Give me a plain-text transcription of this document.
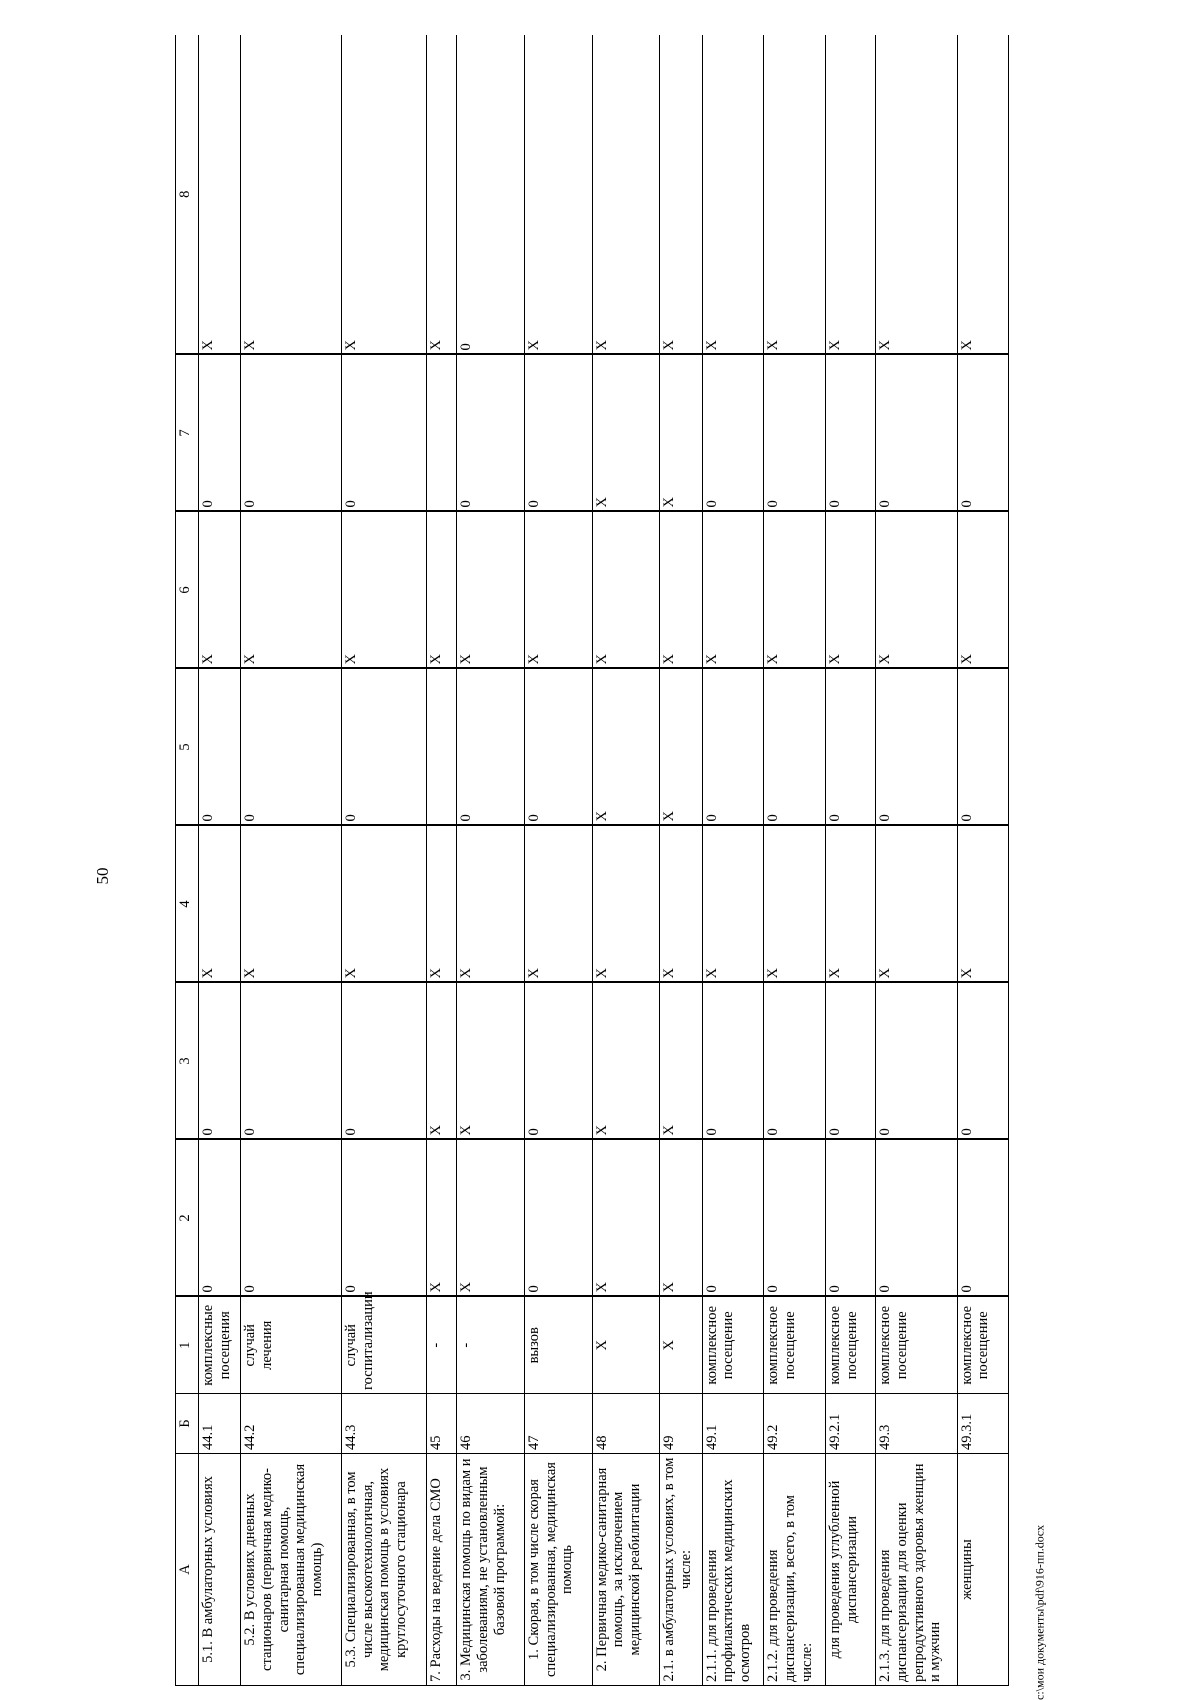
50
А	Б	1	2	3	4	5	6	7	8
5.1. В амбулаторных условиях	44.1	комплексные посещения	0	0	X	0	X	0	X
5.2. В условиях дневных стационаров (первичная медико-санитарная помощь, специализированная медицинская помощь)	44.2	случай лечения	0	0	X	0	X	0	X
5.3. Специализированная, в том числе высокотехнологичная, медицинская помощь в условиях круглосуточного стационара	44.3	случай госпитализации	0	0	X	0	X	0	X
7. Расходы на ведение дела СМО	45	-	X	X	X		X		X
3. Медицинская помощь по видам и заболеваниям, не установленным базовой программой:	46	-	X	X	X	0	X	0	0
1. Скорая, в том числе скорая специализированная, медицинская помощь	47	вызов	0	0	X	0	X	0	X
2. Первичная медико-санитарная помощь, за исключением медицинской реабилитации	48	X	X	X	X	X	X	X	X
2.1. в амбулаторных условиях, в том числе:	49	X	X	X	X	X	X	X	X
2.1.1. для проведения профилактических медицинских осмотров	49.1	комплексное посещение	0	0	X	0	X	0	X
2.1.2. для проведения диспансеризации, всего, в том числе:	49.2	комплексное посещение	0	0	X	0	X	0	X
для проведения углубленной диспансеризации	49.2.1	комплексное посещение	0	0	X	0	X	0	X
2.1.3. для проведения диспансеризации для оценки репродуктивного здоровья женщин и мужчин	49.3	комплексное посещение	0	0	X	0	X	0	X
женщины	49.3.1	комплексное посещение	0	0	X	0	X	0	X
c:\мои документы\pdf\916-пп.docx
